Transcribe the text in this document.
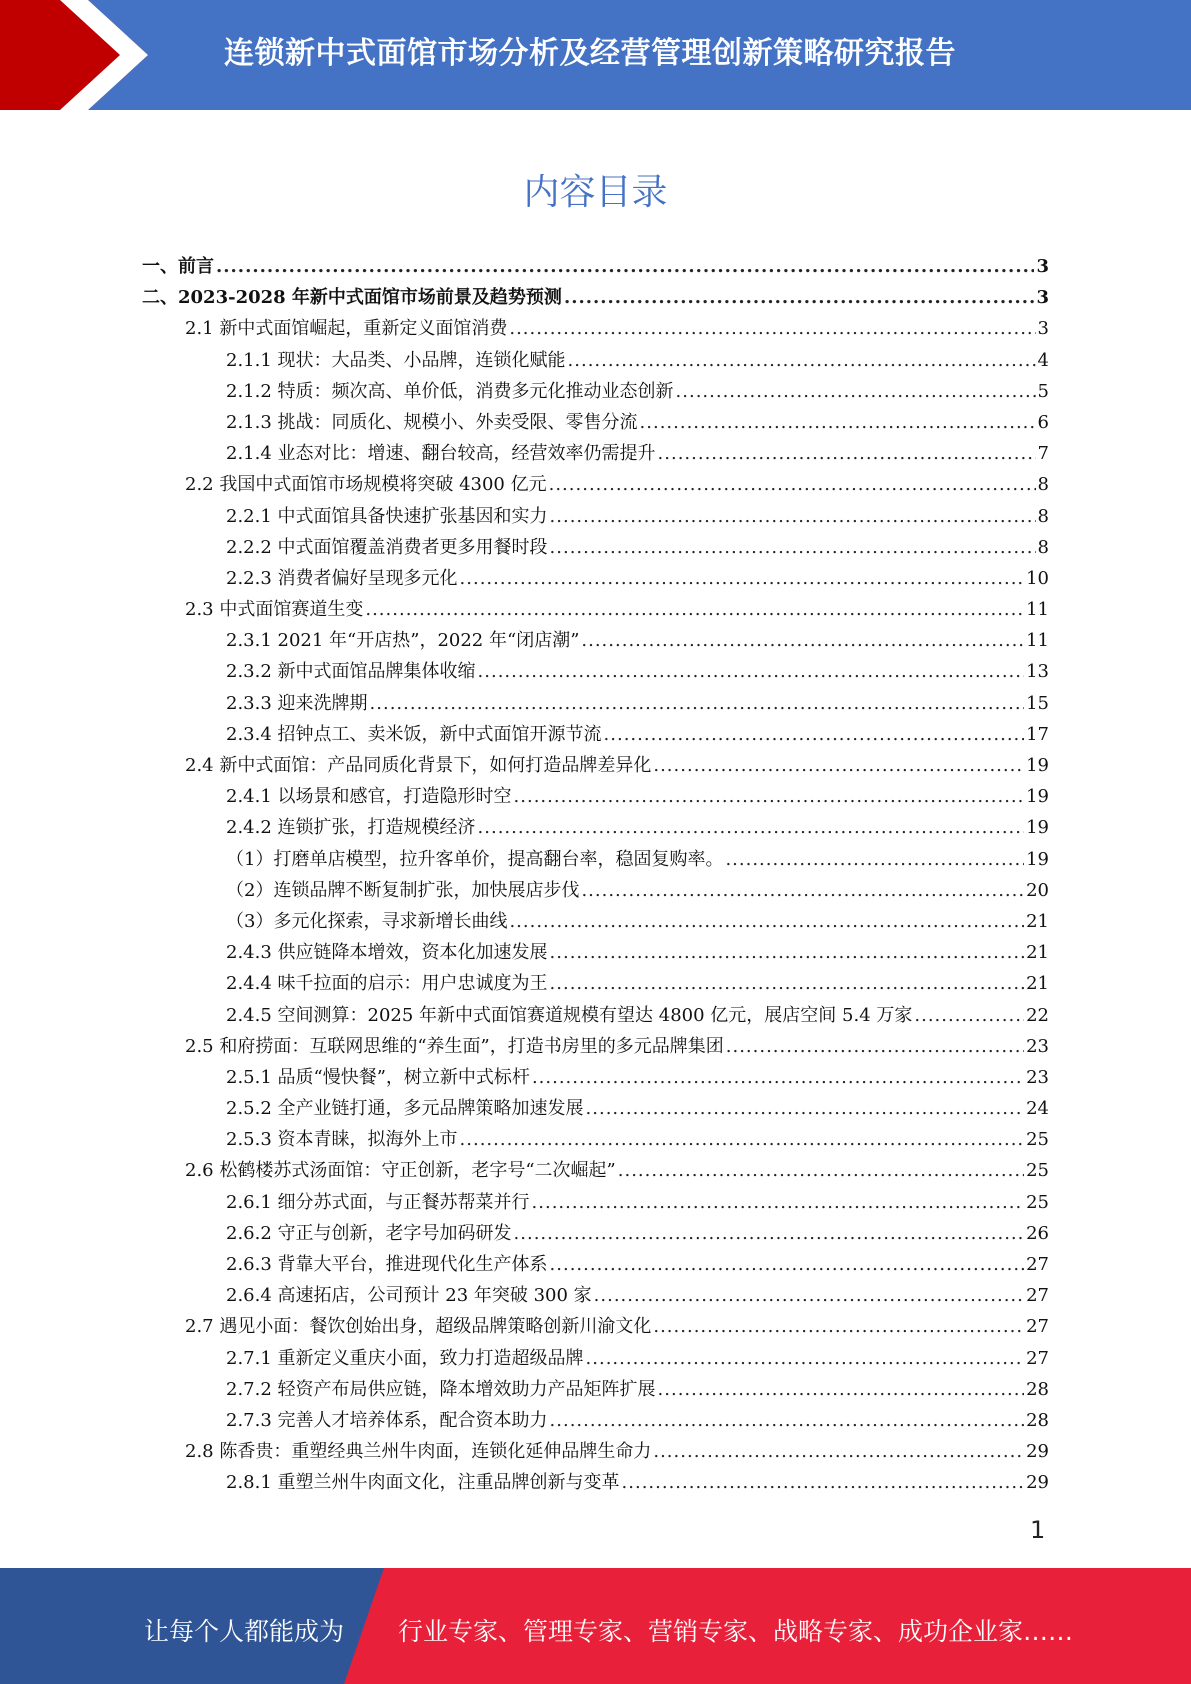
连锁新中式面馆市场分析及经营管理创新策略研究报告
内容目录
一、前言 .....	3
二、2023-2028 年新中式面馆市场前景及趋势预测 .....	3
2.1 新中式面馆崛起，重新定义面馆消费 .....	3
2.1.1 现状：大品类、小品牌，连锁化赋能 .....	4
2.1.2 特质：频次高、单价低，消费多元化推动业态创新 .....	5
2.1.3 挑战：同质化、规模小、外卖受限、零售分流 .....	6
2.1.4 业态对比：增速、翻台较高，经营效率仍需提升 .....	7
2.2 我国中式面馆市场规模将突破 4300 亿元 .....	8
2.2.1 中式面馆具备快速扩张基因和实力 .....	8
2.2.2 中式面馆覆盖消费者更多用餐时段 .....	8
2.2.3 消费者偏好呈现多元化 .....	10
2.3 中式面馆赛道生变 .....	11
2.3.1 2021 年“开店热”，2022 年“闭店潮” .....	11
2.3.2 新中式面馆品牌集体收缩 .....	13
2.3.3 迎来洗牌期 .....	15
2.3.4 招钟点工、卖米饭，新中式面馆开源节流 .....	17
2.4 新中式面馆：产品同质化背景下，如何打造品牌差异化 .....	19
2.4.1 以场景和感官，打造隐形时空 .....	19
2.4.2 连锁扩张，打造规模经济 .....	19
（1）打磨单店模型，拉升客单价，提高翻台率，稳固复购率。 .....	19
（2）连锁品牌不断复制扩张，加快展店步伐 .....	20
（3）多元化探索，寻求新增长曲线 .....	21
2.4.3 供应链降本增效，资本化加速发展 .....	21
2.4.4 味千拉面的启示：用户忠诚度为王 .....	21
2.4.5 空间测算：2025 年新中式面馆赛道规模有望达 4800 亿元，展店空间 5.4 万家 .....	22
2.5 和府捞面：互联网思维的“养生面”，打造书房里的多元品牌集团 .....	23
2.5.1 品质“慢快餐”，树立新中式标杆 .....	23
2.5.2 全产业链打通，多元品牌策略加速发展 .....	24
2.5.3 资本青睐，拟海外上市 .....	25
2.6 松鹤楼苏式汤面馆：守正创新，老字号“二次崛起” .....	25
2.6.1 细分苏式面，与正餐苏帮菜并行 .....	25
2.6.2 守正与创新，老字号加码研发 .....	26
2.6.3 背靠大平台，推进现代化生产体系 .....	27
2.6.4 高速拓店，公司预计 23 年突破 300 家 .....	27
2.7 遇见小面：餐饮创始出身，超级品牌策略创新川渝文化 .....	27
2.7.1 重新定义重庆小面，致力打造超级品牌 .....	27
2.7.2 轻资产布局供应链，降本增效助力产品矩阵扩展 .....	28
2.7.3 完善人才培养体系，配合资本助力 .....	28
2.8 陈香贵：重塑经典兰州牛肉面，连锁化延伸品牌生命力 .....	29
2.8.1 重塑兰州牛肉面文化，注重品牌创新与变革 .....	29
1
让每个人都能成为 行业专家、管理专家、营销专家、战略专家、成功企业家……
